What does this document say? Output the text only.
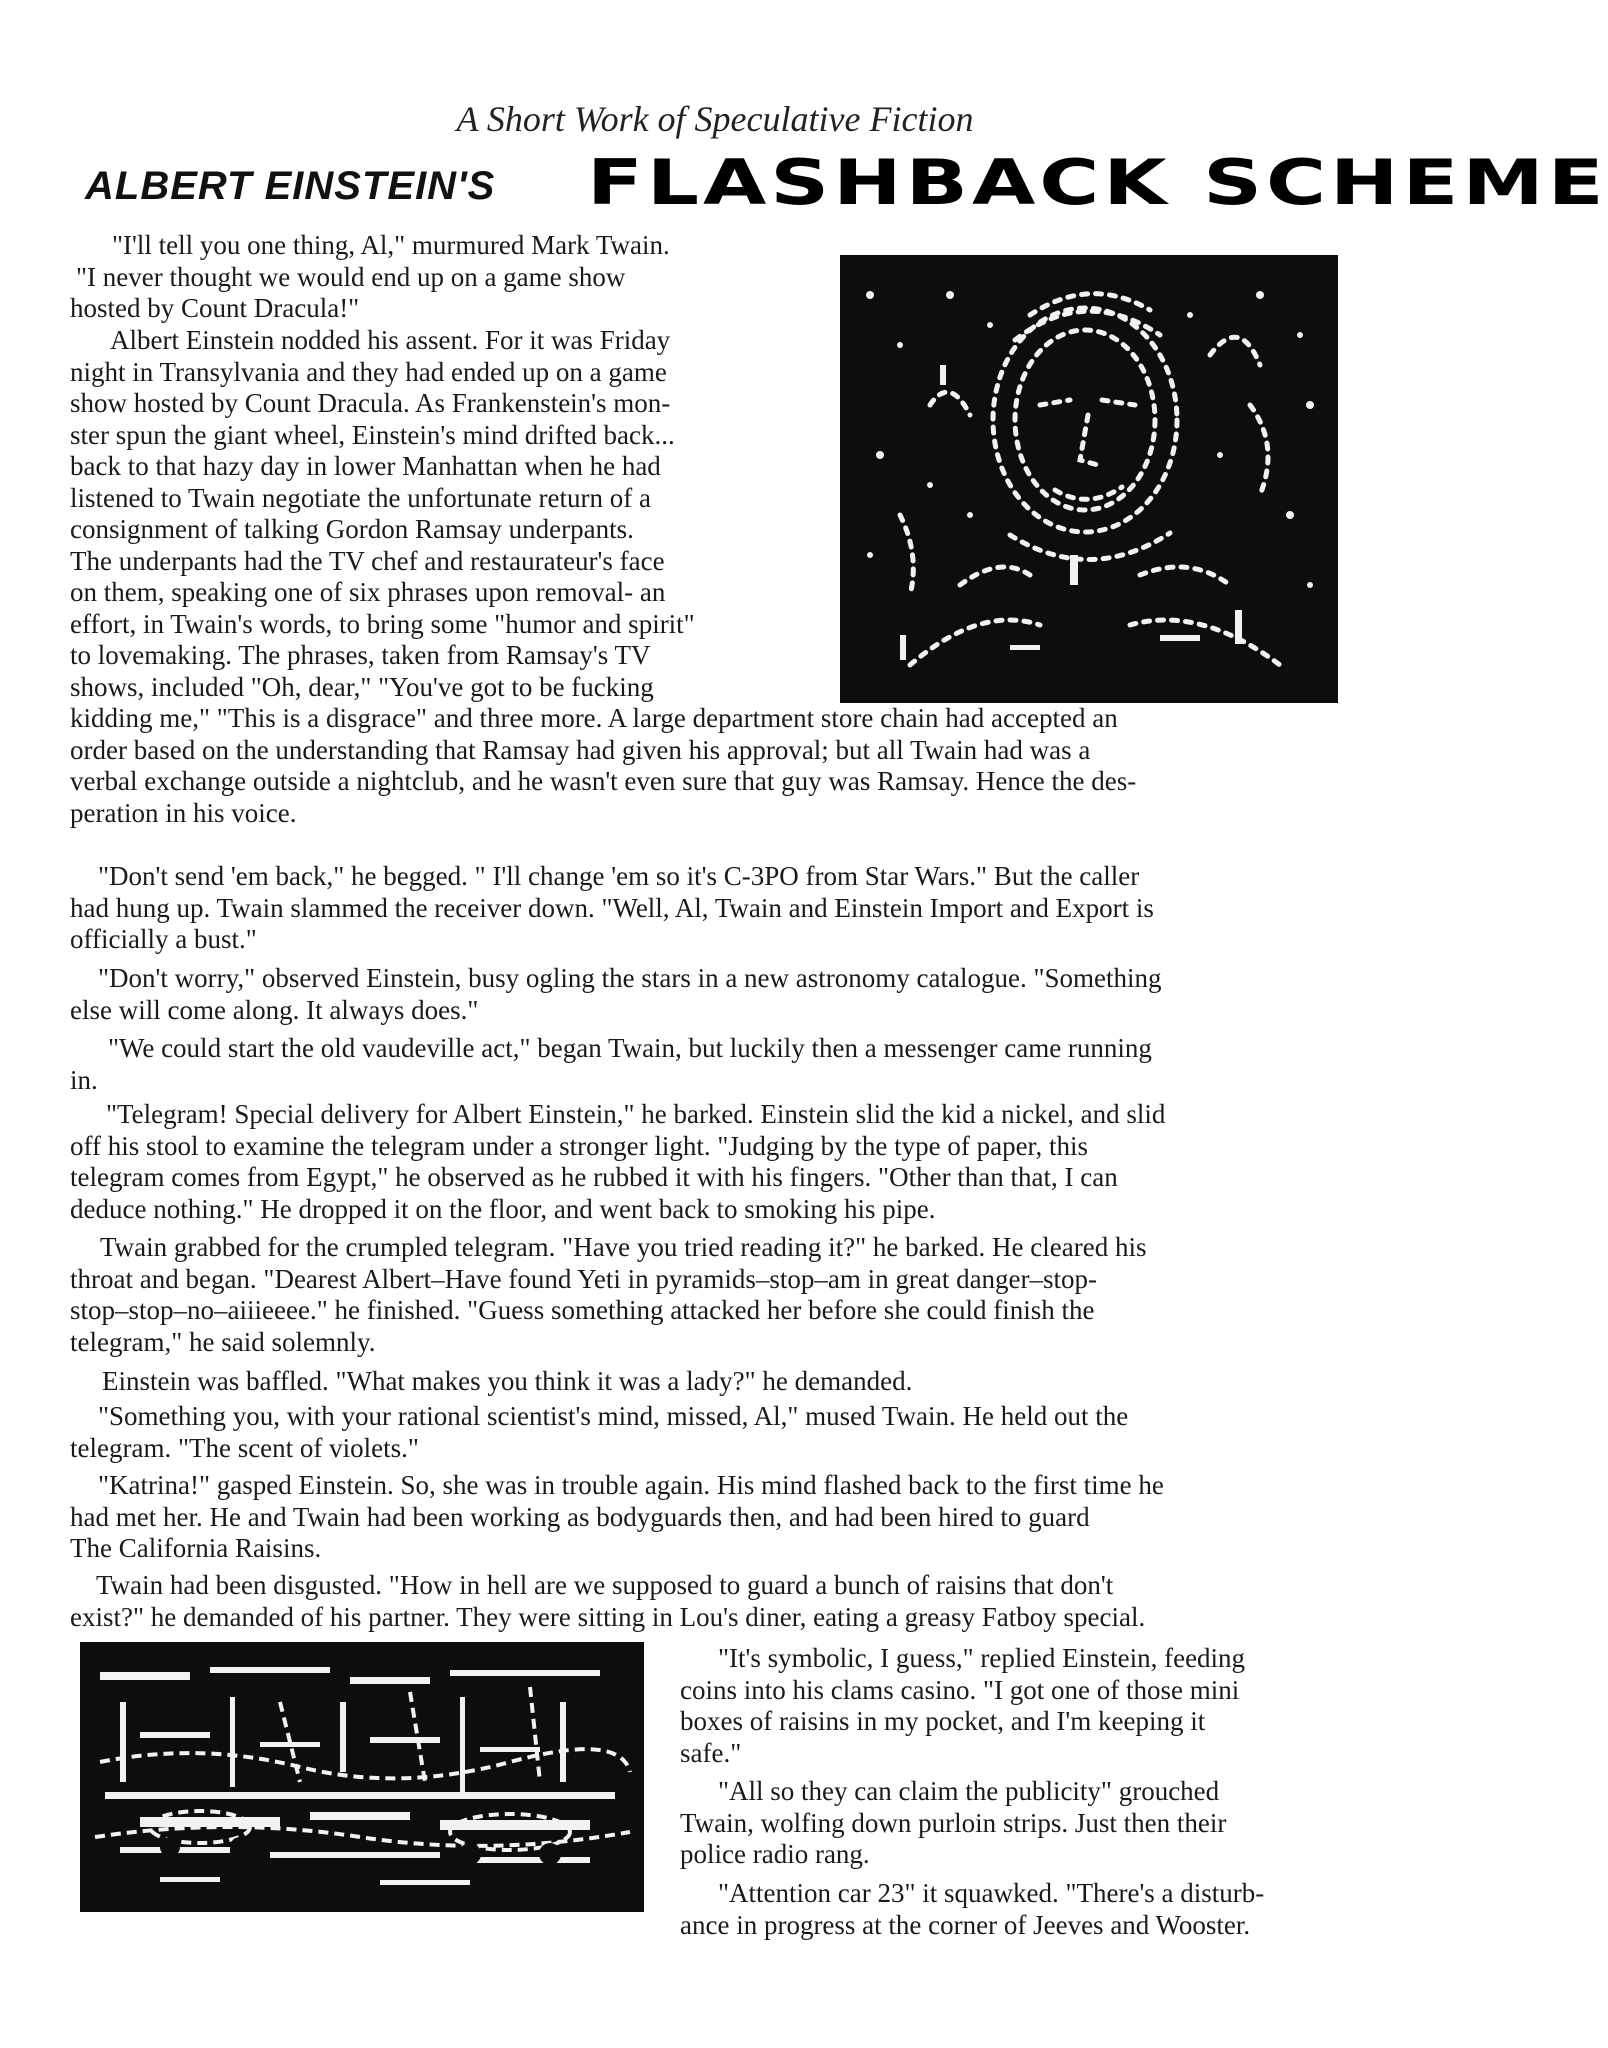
A Short Work of Speculative Fiction
ALBERT EINSTEIN'S FLASHBACK SCHEME
"I'll tell you one thing, Al," murmured Mark Twain.
"I never thought we would end up on a game show
hosted by Count Dracula!"
Albert Einstein nodded his assent. For it was Friday
night in Transylvania and they had ended up on a game
show hosted by Count Dracula. As Frankenstein's mon-
ster spun the giant wheel, Einstein's mind drifted back...
back to that hazy day in lower Manhattan when he had
listened to Twain negotiate the unfortunate return of a
consignment of talking Gordon Ramsay underpants.
The underpants had the TV chef and restaurateur's face
on them, speaking one of six phrases upon removal- an
effort, in Twain's words, to bring some "humor and spirit"
to lovemaking. The phrases, taken from Ramsay's TV
shows, included "Oh, dear," "You've got to be fucking
kidding me," "This is a disgrace" and three more. A large department store chain had accepted an
order based on the understanding that Ramsay had given his approval; but all Twain had was a
verbal exchange outside a nightclub, and he wasn't even sure that guy was Ramsay. Hence the des-
peration in his voice.
"Don't send 'em back," he begged. " I'll change 'em so it's C-3PO from Star Wars." But the caller
had hung up. Twain slammed the receiver down. "Well, Al, Twain and Einstein Import and Export is
officially a bust."
"Don't worry," observed Einstein, busy ogling the stars in a new astronomy catalogue. "Something
else will come along. It always does."
"We could start the old vaudeville act," began Twain, but luckily then a messenger came running
in.
"Telegram! Special delivery for Albert Einstein," he barked. Einstein slid the kid a nickel, and slid
off his stool to examine the telegram under a stronger light. "Judging by the type of paper, this
telegram comes from Egypt," he observed as he rubbed it with his fingers. "Other than that, I can
deduce nothing." He dropped it on the floor, and went back to smoking his pipe.
Twain grabbed for the crumpled telegram. "Have you tried reading it?" he barked. He cleared his
throat and began. "Dearest Albert–Have found Yeti in pyramids–stop–am in great danger–stop-
stop–stop–no–aiiieeee." he finished. "Guess something attacked her before she could finish the
telegram," he said solemnly.
Einstein was baffled. "What makes you think it was a lady?" he demanded.
"Something you, with your rational scientist's mind, missed, Al," mused Twain. He held out the
telegram. "The scent of violets."
"Katrina!" gasped Einstein. So, she was in trouble again. His mind flashed back to the first time he
had met her. He and Twain had been working as bodyguards then, and had been hired to guard
The California Raisins.
Twain had been disgusted. "How in hell are we supposed to guard a bunch of raisins that don't
exist?" he demanded of his partner. They were sitting in Lou's diner, eating a greasy Fatboy special.
"It's symbolic, I guess," replied Einstein, feeding
coins into his clams casino. "I got one of those mini
boxes of raisins in my pocket, and I'm keeping it
safe."
"All so they can claim the publicity" grouched
Twain, wolfing down purloin strips. Just then their
police radio rang.
"Attention car 23" it squawked. "There's a disturb-
ance in progress at the corner of Jeeves and Wooster.
